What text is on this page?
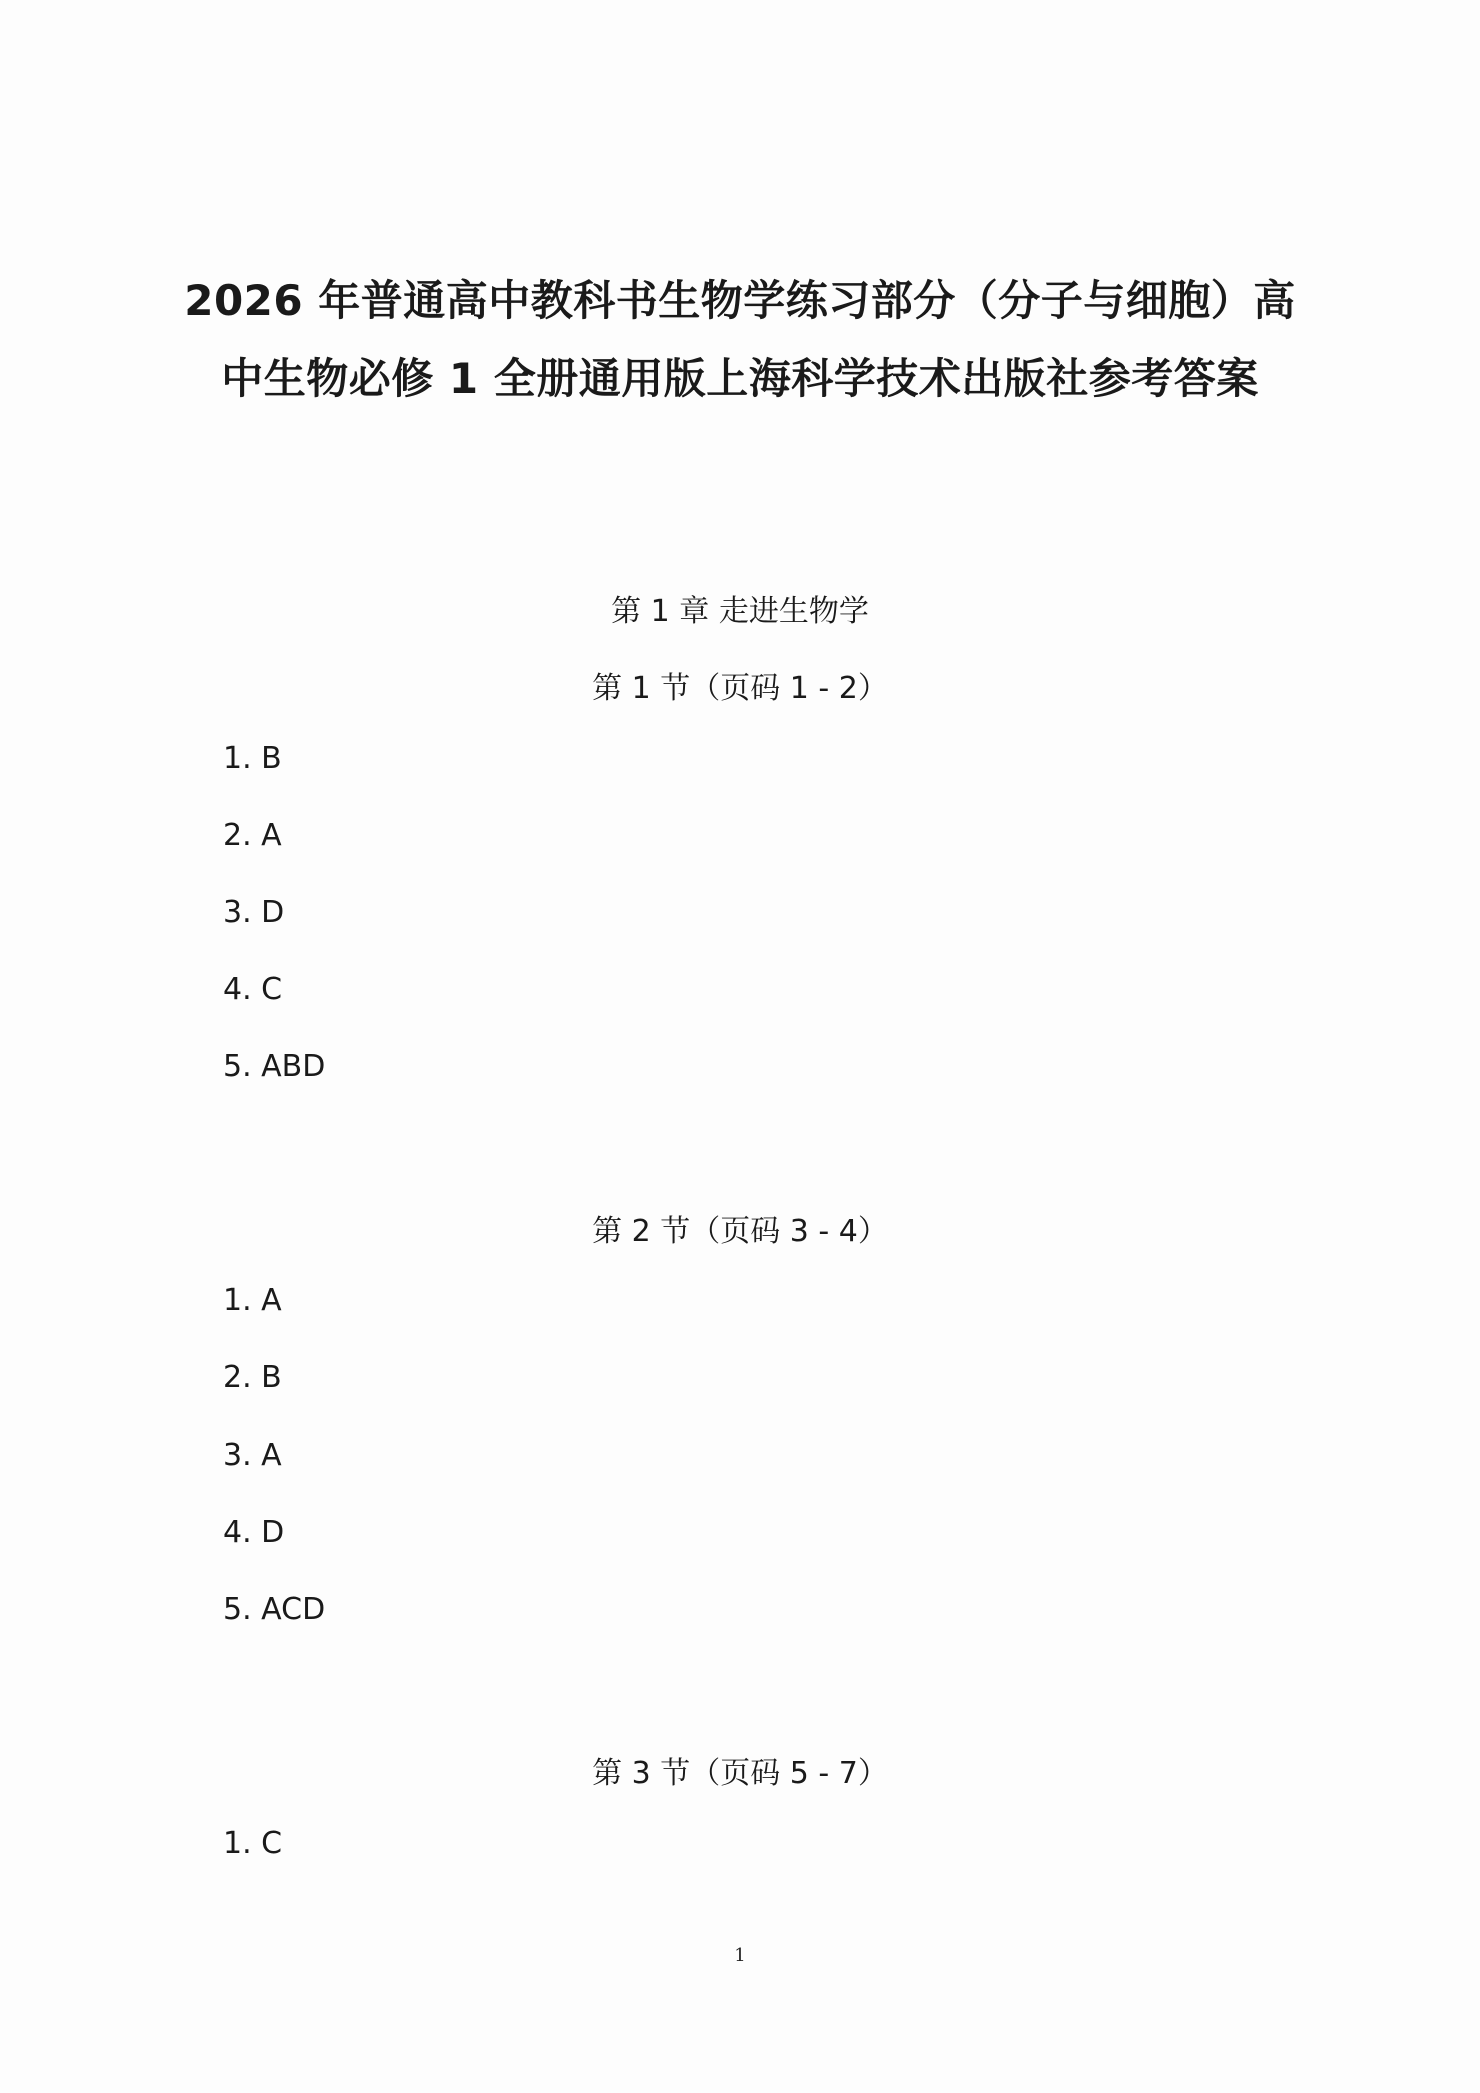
2026 年普通高中教科书生物学练习部分（分子与细胞）高
中生物必修 1 全册通用版上海科学技术出版社参考答案
第 1 章 走进生物学
第 1 节（页码 1 - 2）
1. B
2. A
3. D
4. C
5. ABD
第 2 节（页码 3 - 4）
1. A
2. B
3. A
4. D
5. ACD
第 3 节（页码 5 - 7）
1. C
1
